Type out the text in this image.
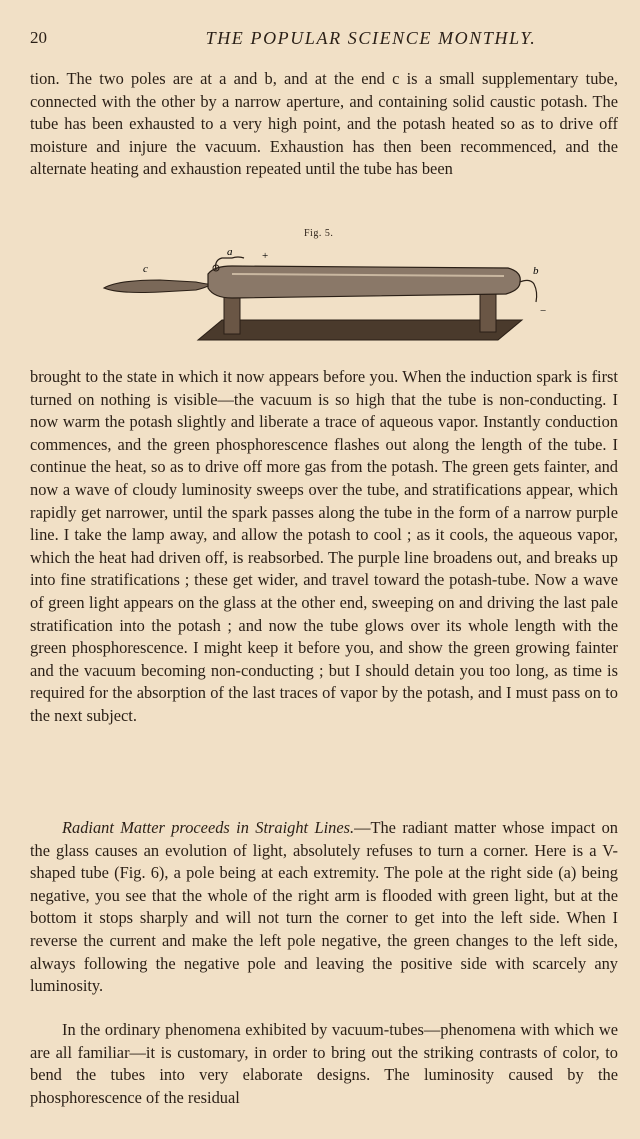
20	THE POPULAR SCIENCE MONTHLY.

tion. The two poles are at a and b, and at the end c is a small supplementary tube, connected with the other by a narrow aperture, and containing solid caustic potash. The tube has been exhausted to a very high point, and the potash heated so as to drive off moisture and injure the vacuum. Exhaustion has then been recommenced, and the alternate heating and exhaustion repeated until the tube has been

Fig. 5.
a
b
c
+
−

brought to the state in which it now appears before you. When the induction spark is first turned on nothing is visible—the vacuum is so high that the tube is non-conducting. I now warm the potash slightly and liberate a trace of aqueous vapor. Instantly conduction commences, and the green phosphorescence flashes out along the length of the tube. I continue the heat, so as to drive off more gas from the potash. The green gets fainter, and now a wave of cloudy luminosity sweeps over the tube, and stratifications appear, which rapidly get narrower, until the spark passes along the tube in the form of a narrow purple line. I take the lamp away, and allow the potash to cool ; as it cools, the aqueous vapor, which the heat had driven off, is reabsorbed. The purple line broadens out, and breaks up into fine stratifications ; these get wider, and travel toward the potash-tube. Now a wave of green light appears on the glass at the other end, sweeping on and driving the last pale stratification into the potash ; and now the tube glows over its whole length with the green phosphorescence. I might keep it before you, and show the green growing fainter and the vacuum becoming non-conducting ; but I should detain you too long, as time is required for the absorption of the last traces of vapor by the potash, and I must pass on to the next subject.

Radiant Matter proceeds in Straight Lines.—The radiant matter whose impact on the glass causes an evolution of light, absolutely refuses to turn a corner. Here is a V-shaped tube (Fig. 6), a pole being at each extremity. The pole at the right side (a) being negative, you see that the whole of the right arm is flooded with green light, but at the bottom it stops sharply and will not turn the corner to get into the left side. When I reverse the current and make the left pole negative, the green changes to the left side, always following the negative pole and leaving the positive side with scarcely any luminosity.

In the ordinary phenomena exhibited by vacuum-tubes—phenomena with which we are all familiar—it is customary, in order to bring out the striking contrasts of color, to bend the tubes into very elaborate designs. The luminosity caused by the phosphorescence of the residual
